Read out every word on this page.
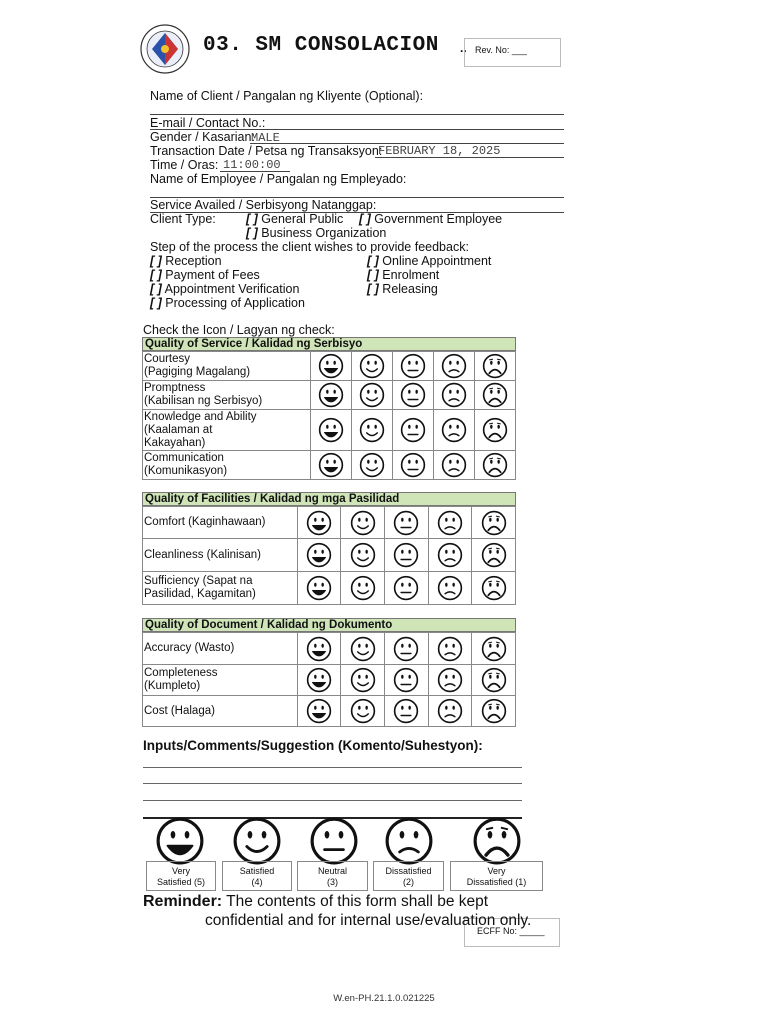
03. SM CONSOLACION .. Rev. No: ___
Name of Client / Pangalan ng Kliyente (Optional):
E-mail / Contact No.:
Gender / Kasarian:
MALE
Transaction Date / Petsa ng Transaksyon:
FEBRUARY 18, 2025
Time / Oras: 11:00:00
Name of Employee / Pangalan ng Empleyado:
Service Availed / Serbisyong Natanggap:
Client Type: [ ] General Public [ ] Government Employee
[ ] Business Organization
Step of the process the client wishes to provide feedback:
[ ] Reception
[ ] Payment of Fees
[ ] Appointment Verification
[ ] Processing of Application
[ ] Online Appointment
[ ] Enrolment
[ ] Releasing
Check the Icon / Lagyan ng check:
Quality of Service / Kalidad ng Serbisyo
Courtesy
(Pagiging Magalang)

Promptness
(Kabilisan ng Serbisyo)

Knowledge and Ability
(Kaalaman at
Kakayahan)

Communication
(Komunikasyon)

Quality of Facilities / Kalidad ng mga Pasilidad
Comfort (Kaginhawaan)

Cleanliness (Kalinisan)

Sufficiency (Sapat na
Pasilidad, Kagamitan)

Quality of Document / Kalidad ng Dokumento
Accuracy (Wasto)

Completeness
(Kumpleto)

Cost (Halaga)

Inputs/Comments/Suggestion (Komento/Suhestyon):
Very
Satisfied (5)
Satisfied
(4)
Neutral
(3)
Dissatisfied
(2)
Very
Dissatisfied (1)
Reminder: The contents of this form shall be kept
ECFF No: _____
confidential and for internal use/evaluation only.
W.en-PH.21.1.0.021225
